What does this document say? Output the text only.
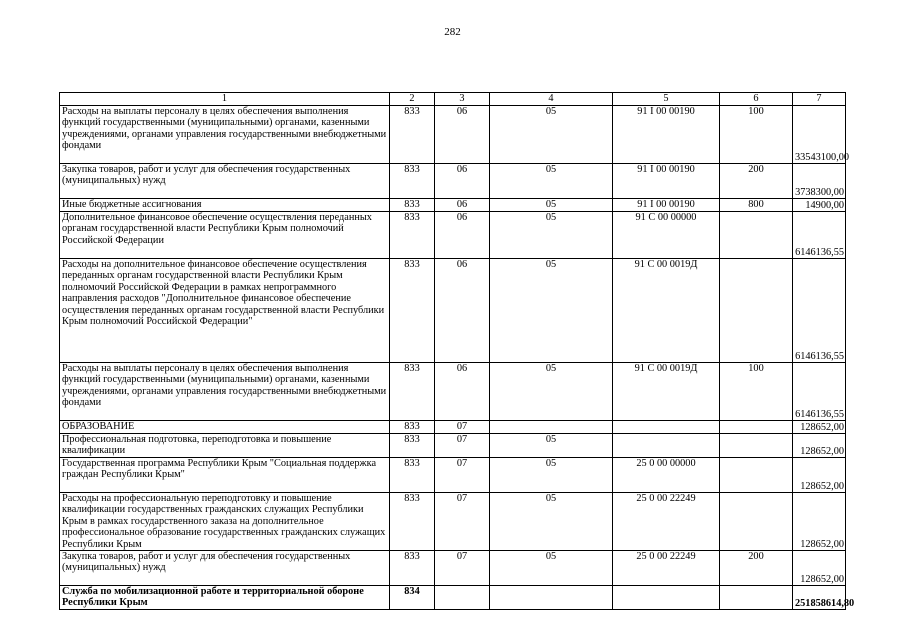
282
1	2	3	4	5	6	7
Расходы на выплаты персоналу в целях обеспечения выполнения функций государственными (муниципальными) органами, казенными учреждениями, органами управления государственными внебюджетными фондами	833	06	05	91 I 00 00190	100	33543100,00
Закупка товаров, работ и услуг для обеспечения государственных (муниципальных) нужд	833	06	05	91 I 00 00190	200	3738300,00
Иные бюджетные ассигнования	833	06	05	91 I 00 00190	800	14900,00
Дополнительное финансовое обеспечение осуществления переданных органам государственной власти Республики Крым полномочий Российской Федерации	833	06	05	91 С 00 00000		6146136,55
Расходы на дополнительное финансовое обеспечение осуществления переданных органам государственной власти Республики Крым полномочий Российской Федерации в рамках непрограммного направления расходов "Дополнительное финансовое обеспечение осуществления переданных органам государственной власти Республики Крым полномочий Российской Федерации"	833	06	05	91 С 00 0019Д		6146136,55
Расходы на выплаты персоналу в целях обеспечения выполнения функций государственными (муниципальными) органами, казенными учреждениями, органами управления государственными внебюджетными фондами	833	06	05	91 С 00 0019Д	100	6146136,55
ОБРАЗОВАНИЕ	833	07				128652,00
Профессиональная подготовка, переподготовка и повышение квалификации	833	07	05			128652,00
Государственная программа Республики Крым "Социальная поддержка граждан Республики Крым"	833	07	05	25 0 00 00000		128652,00
Расходы на профессиональную переподготовку и повышение квалификации государственных гражданских служащих Республики Крым в рамках государственного заказа на дополнительное профессиональное образование государственных гражданских служащих Республики Крым	833	07	05	25 0 00 22249		128652,00
Закупка товаров, работ и услуг для обеспечения государственных (муниципальных) нужд	833	07	05	25 0 00 22249	200	128652,00
Служба по мобилизационной работе и территориальной обороне Республики Крым	834					251858614,80
